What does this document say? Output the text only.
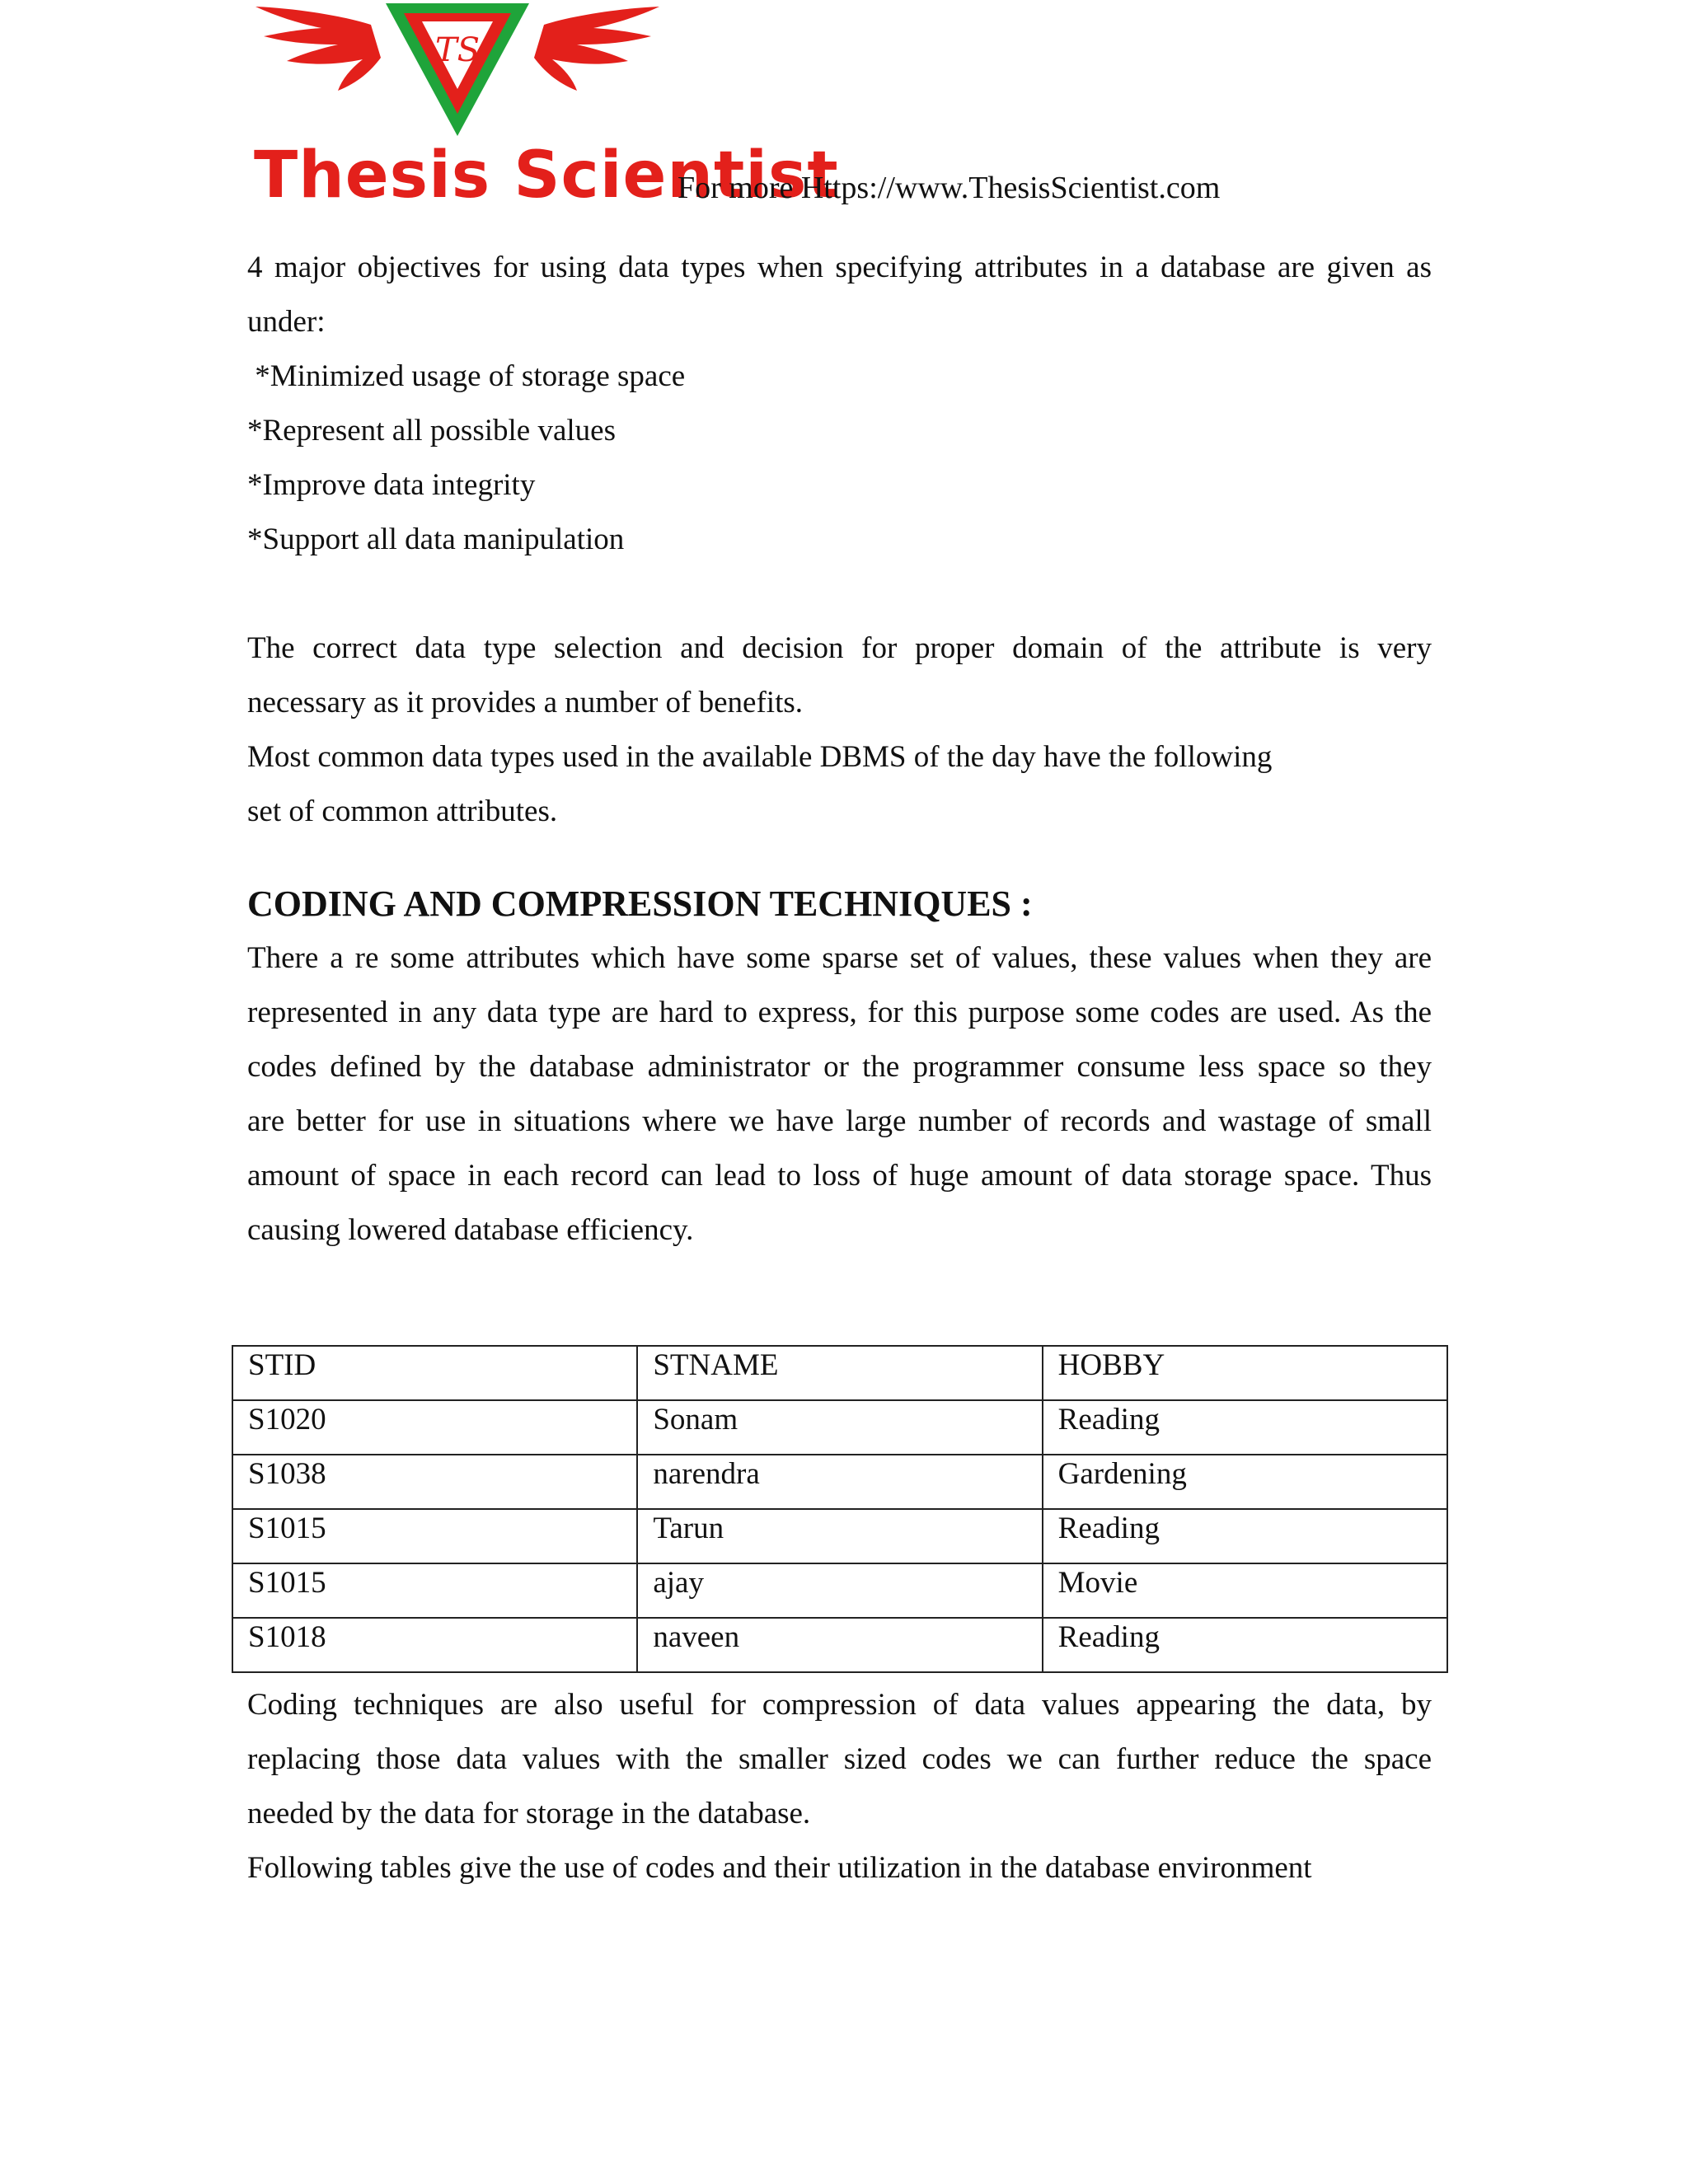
TS
Thesis Scientist
For more Https://www.ThesisScientist.com

4 major objectives for using data types when specifying attributes in a database are given as

under:

*Minimized usage of storage space

*Represent all possible values

*Improve data integrity

*Support all data manipulation

The correct data type selection and decision for proper domain of the attribute is very

necessary as it provides a number of benefits.

Most common data types used in the available DBMS of the day have the following

set of common attributes.

CODING AND COMPRESSION TECHNIQUES :

There a re some attributes which have some sparse set of values, these values when they are

represented in any data type are hard to express, for this purpose some codes are used. As the

codes defined by the database administrator or the programmer consume less space so they

are better for use in situations where we have large number of records and wastage of small

amount of space in each record can lead to loss of huge amount of data storage space. Thus

causing lowered database efficiency.

STID	STNAME	HOBBY
S1020	Sonam	Reading
S1038	narendra	Gardening
S1015	Tarun	Reading
S1015	ajay	Movie
S1018	naveen	Reading

Coding techniques are also useful for compression of data values appearing the data, by

replacing those data values with the smaller sized codes we can further reduce the space

needed by the data for storage in the database.

Following tables give the use of codes and their utilization in the database environment
